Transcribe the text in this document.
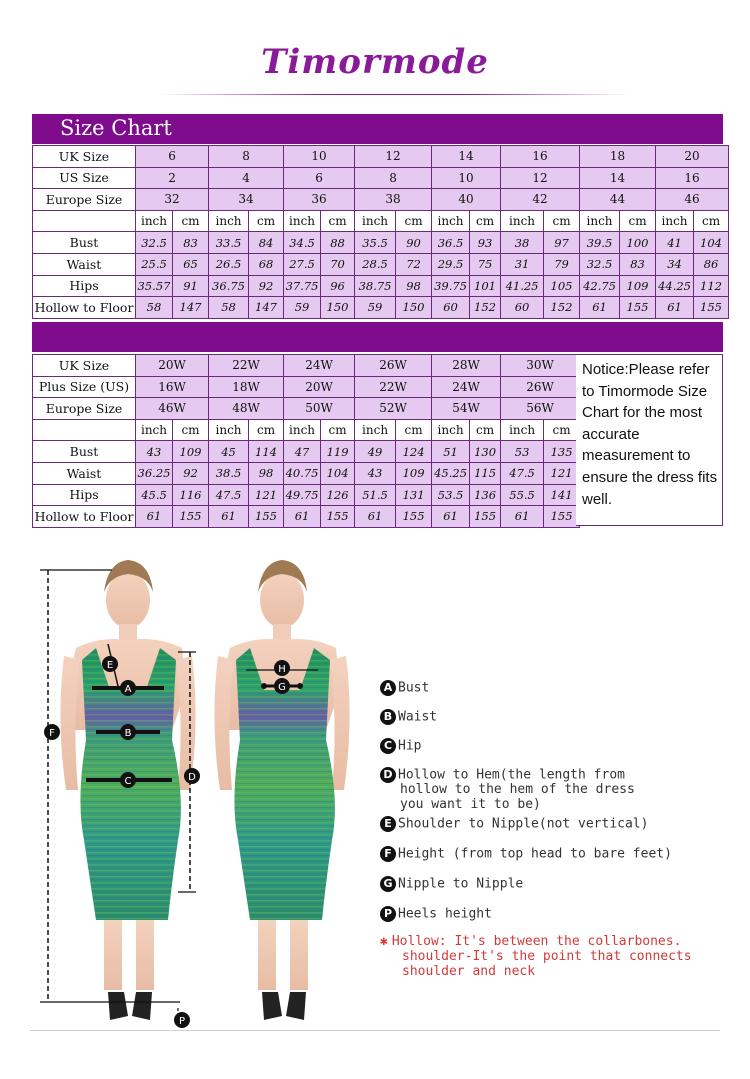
Timormode
Size Chart
UK Size	6		8		10		12		14		16		18		20	
US Size	2		4		6		8		10		12		14		16	
Europe Size	32		34		36		38		40		42		44		46	
	inch	cm	inch	cm	inch	cm	inch	cm	inch	cm	inch	cm	inch	cm	inch	cm
Bust	32.5	83	33.5	84	34.5	88	35.5	90	36.5	93	38	97	39.5	100	41	104
Waist	25.5	65	26.5	68	27.5	70	28.5	72	29.5	75	31	79	32.5	83	34	86
Hips	35.57	91	36.75	92	37.75	96	38.75	98	39.75	101	41.25	105	42.75	109	44.25	112
Hollow to Floor	58	147	58	147	59	150	59	150	60	152	60	152	61	155	61	155
UK Size	20W		22W		24W		26W		28W		30W	
Plus Size (US)	16W		18W		20W		22W		24W		26W	
Europe Size	46W		48W		50W		52W		54W		56W	
	inch	cm	inch	cm	inch	cm	inch	cm	inch	cm	inch	cm
Bust	43	109	45	114	47	119	49	124	51	130	53	135
Waist	36.25	92	38.5	98	40.75	104	43	109	45.25	115	47.5	121
Hips	45.5	116	47.5	121	49.75	126	51.5	131	53.5	136	55.5	141
Hollow to Floor	61	155	61	155	61	155	61	155	61	155	61	155
Notice:Please refer to Timormode Size Chart for the most accurate measurement to ensure the dress fits well.
E
A
B
C	D
F
P
H
G	A Bust
B Waist
C Hip
D Hollow to Hem(the length from
hollow to the hem of the dress
you want it to be)
E Shoulder to Nipple(not vertical)
F Height (from top head to bare feet)
G Nipple to Nipple
P Heels height
✱ Hollow: It's between the collarbones.
shoulder-It's the point that connects
shoulder and neck
